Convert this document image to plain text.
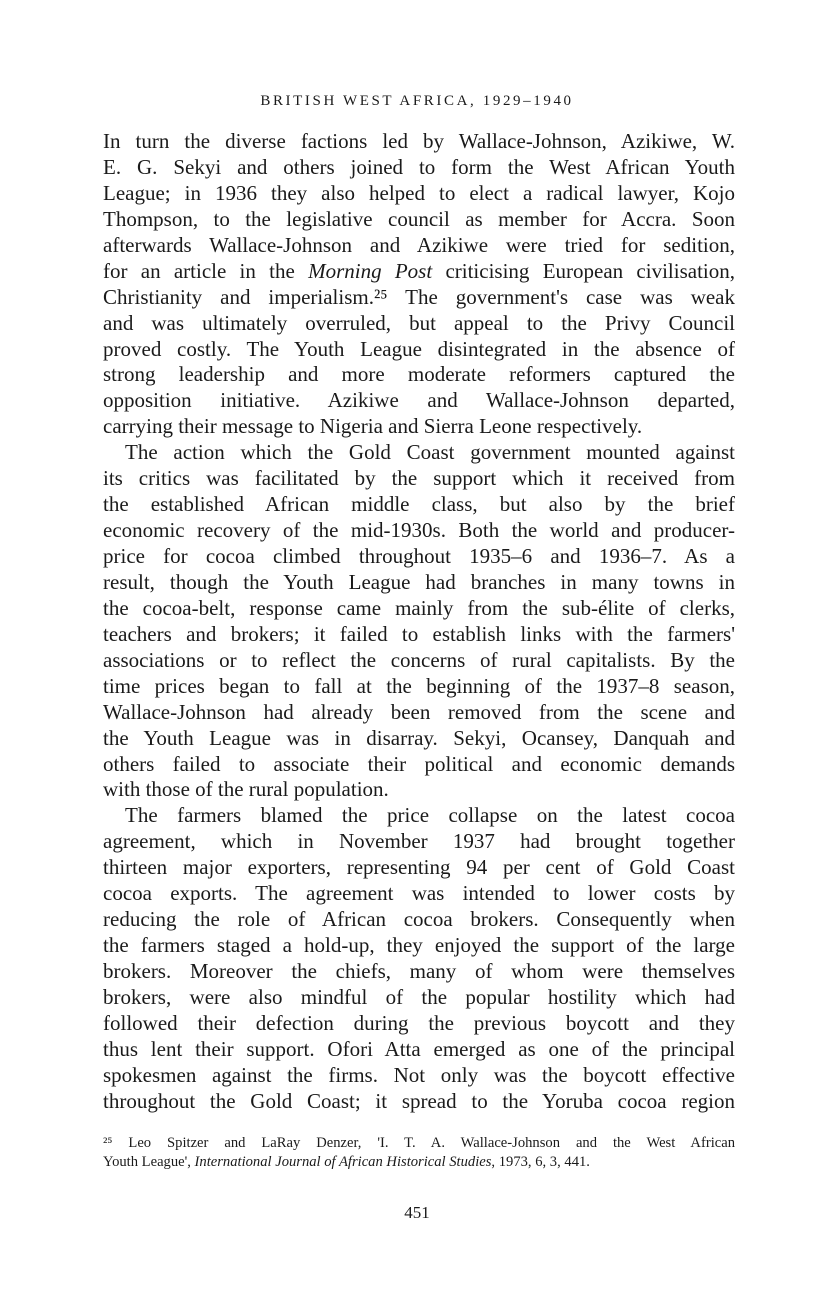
BRITISH WEST AFRICA, 1929–1940
In turn the diverse factions led by Wallace-Johnson, Azikiwe, W.
E. G. Sekyi and others joined to form the West African Youth
League; in 1936 they also helped to elect a radical lawyer, Kojo
Thompson, to the legislative council as member for Accra. Soon
afterwards Wallace-Johnson and Azikiwe were tried for sedition,
for an article in the Morning Post criticising European civilisation,
Christianity and imperialism.²⁵ The government's case was weak
and was ultimately overruled, but appeal to the Privy Council
proved costly. The Youth League disintegrated in the absence of
strong leadership and more moderate reformers captured the
opposition initiative. Azikiwe and Wallace-Johnson departed,
carrying their message to Nigeria and Sierra Leone respectively.
The action which the Gold Coast government mounted against
its critics was facilitated by the support which it received from
the established African middle class, but also by the brief
economic recovery of the mid-1930s. Both the world and producer-
price for cocoa climbed throughout 1935–6 and 1936–7. As a
result, though the Youth League had branches in many towns in
the cocoa-belt, response came mainly from the sub-élite of clerks,
teachers and brokers; it failed to establish links with the farmers'
associations or to reflect the concerns of rural capitalists. By the
time prices began to fall at the beginning of the 1937–8 season,
Wallace-Johnson had already been removed from the scene and
the Youth League was in disarray. Sekyi, Ocansey, Danquah and
others failed to associate their political and economic demands
with those of the rural population.
The farmers blamed the price collapse on the latest cocoa
agreement, which in November 1937 had brought together
thirteen major exporters, representing 94 per cent of Gold Coast
cocoa exports. The agreement was intended to lower costs by
reducing the role of African cocoa brokers. Consequently when
the farmers staged a hold-up, they enjoyed the support of the large
brokers. Moreover the chiefs, many of whom were themselves
brokers, were also mindful of the popular hostility which had
followed their defection during the previous boycott and they
thus lent their support. Ofori Atta emerged as one of the principal
spokesmen against the firms. Not only was the boycott effective
throughout the Gold Coast; it spread to the Yoruba cocoa region
²⁵ Leo Spitzer and LaRay Denzer, 'I. T. A. Wallace-Johnson and the West African
Youth League', International Journal of African Historical Studies, 1973, 6, 3, 441.
451
